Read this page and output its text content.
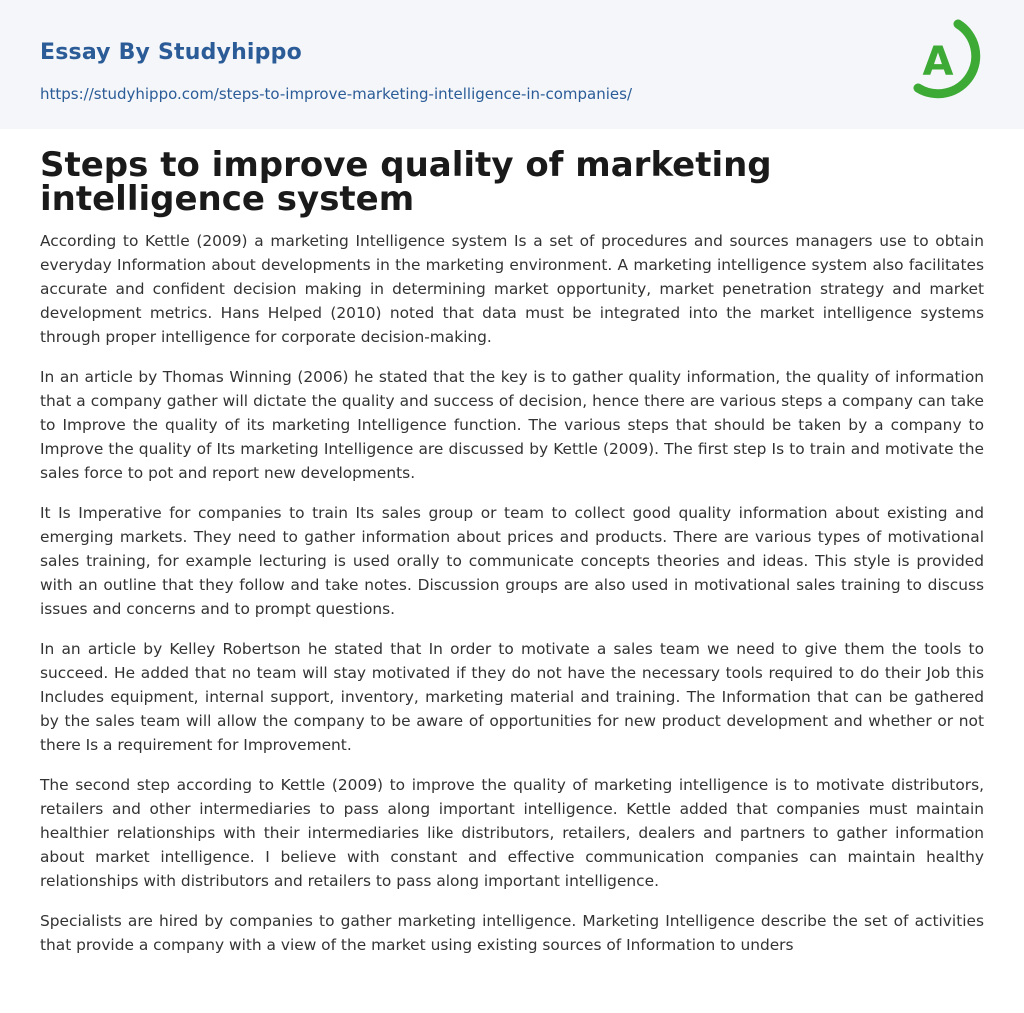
Essay By Studyhippo
https://studyhippo.com/steps-to-improve-marketing-intelligence-in-companies/
A
Steps to improve quality of marketing intelligence system

According to Kettle (2009) a marketing Intelligence system Is a set of procedures and sources managers use to obtain everyday Information about developments in the marketing environment. A marketing intelligence system also facilitates accurate and confident decision making in determining market opportunity, market penetration strategy and market development metrics. Hans Helped (2010) noted that data must be integrated into the market intelligence systems through proper intelligence for corporate decision-making.

In an article by Thomas Winning (2006) he stated that the key is to gather quality information, the quality of information that a company gather will dictate the quality and success of decision, hence there are various steps a company can take to Improve the quality of its marketing Intelligence function. The various steps that should be taken by a company to Improve the quality of Its marketing Intelligence are discussed by Kettle (2009). The first step Is to train and motivate the sales force to pot and report new developments.

It Is Imperative for companies to train Its sales group or team to collect good quality information about existing and emerging markets. They need to gather information about prices and products. There are various types of motivational sales training, for example lecturing is used orally to communicate concepts theories and ideas. This style is provided with an outline that they follow and take notes. Discussion groups are also used in motivational sales training to discuss issues and concerns and to prompt questions.

In an article by Kelley Robertson he stated that In order to motivate a sales team we need to give them the tools to succeed. He added that no team will stay motivated if they do not have the necessary tools required to do their Job this Includes equipment, internal support, inventory, marketing material and training. The Information that can be gathered by the sales team will allow the company to be aware of opportunities for new product development and whether or not there Is a requirement for Improvement.

The second step according to Kettle (2009) to improve the quality of marketing intelligence is to motivate distributors, retailers and other intermediaries to pass along important intelligence. Kettle added that companies must maintain healthier relationships with their intermediaries like distributors, retailers, dealers and partners to gather information about market intelligence. I believe with constant and effective communication companies can maintain healthy relationships with distributors and retailers to pass along important intelligence.

Specialists are hired by companies to gather marketing intelligence. Marketing Intelligence describe the set of activities that provide a company with a view of the market using existing sources of Information to unders
